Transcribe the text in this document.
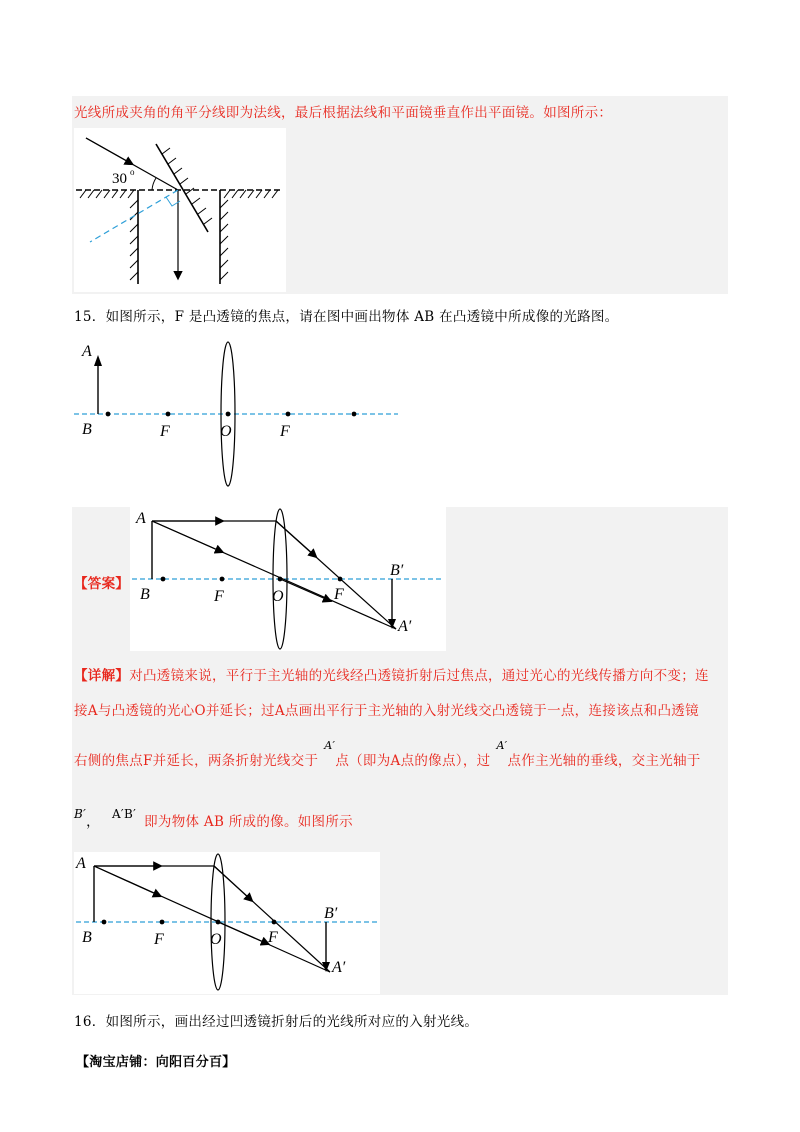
光线所成夹角的角平分线即为法线，最后根据法线和平面镜垂直作出平面镜。如图所示：
30 o
15．如图所示，F 是凸透镜的焦点，请在图中画出物体 AB 在凸透镜中所成像的光路图。
A
B	F	O	F
【答案】
A
B	F	O	F
B′
A′
【详解】对凸透镜来说，平行于主光轴的光线经凸透镜折射后过焦点，通过光心的光线传播方向不变；连
接A与凸透镜的光心O并延长；过A点画出平行于主光轴的入射光线交凸透镜于一点，连接该点和凸透镜
右侧的焦点F并延长，两条折射光线交于$^{A'}$点（即为A点的像点），过$^{A'}$点作主光轴的垂线，交主光轴于
B′， A′B′ 即为物体 AB 所成的像。如图所示
A
B	F	O	F
B′
A′
16．如图所示，画出经过凹透镜折射后的光线所对应的入射光线。
【淘宝店铺：向阳百分百】
